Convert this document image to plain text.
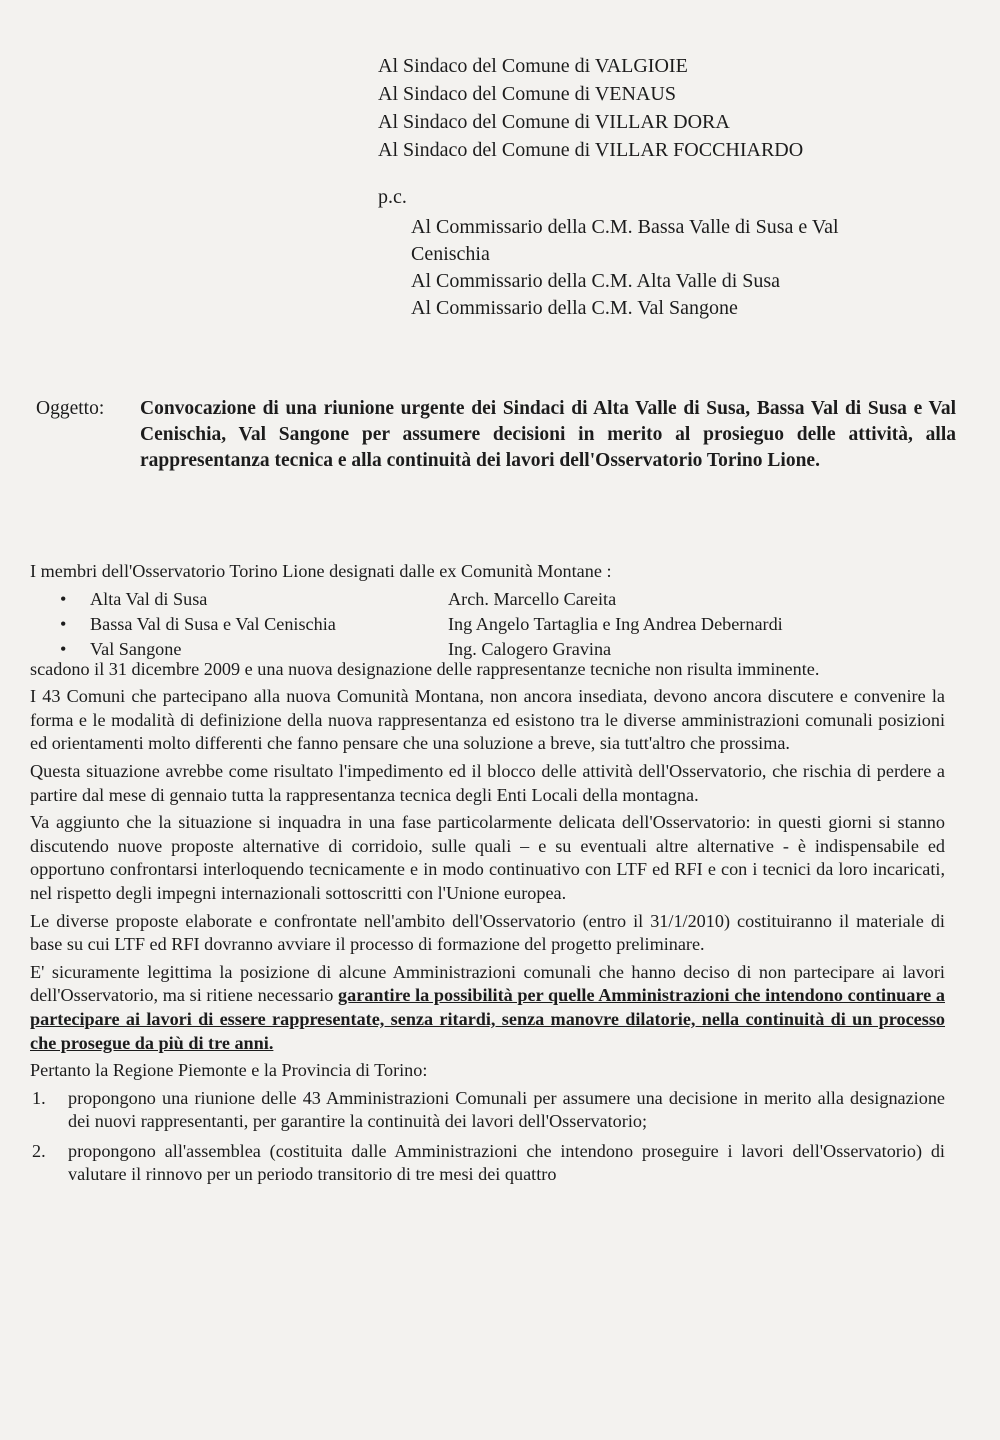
Al Sindaco del Comune di VALGIOIE
Al Sindaco del Comune di VENAUS
Al Sindaco del Comune di VILLAR DORA
Al Sindaco del Comune di VILLAR FOCCHIARDO
p.c.
Al Commissario della C.M. Bassa Valle di Susa e Val Cenischia
Al Commissario della C.M. Alta Valle di Susa
Al Commissario della C.M. Val Sangone
Oggetto: Convocazione di una riunione urgente dei Sindaci di Alta Valle di Susa, Bassa Val di Susa e Val Cenischia, Val Sangone per assumere decisioni in merito al prosieguo delle attività, alla rappresentanza tecnica e alla continuità dei lavori dell'Osservatorio Torino Lione.

I membri dell'Osservatorio Torino Lione designati dalle ex Comunità Montane :

• Alta Val di Susa	Arch. Marcello Careita
• Bassa Val di Susa e Val Cenischia	Ing Angelo Tartaglia e Ing Andrea Debernardi
• Val Sangone	Ing. Calogero Gravina

scadono il 31 dicembre 2009 e una nuova designazione delle rappresentanze tecniche non risulta imminente.

I 43 Comuni che partecipano alla nuova Comunità Montana, non ancora insediata, devono ancora discutere e convenire la forma e le modalità di definizione della nuova rappresentanza ed esistono tra le diverse amministrazioni comunali posizioni ed orientamenti molto differenti che fanno pensare che una soluzione a breve, sia tutt'altro che prossima.

Questa situazione avrebbe come risultato l'impedimento ed il blocco delle attività dell'Osservatorio, che rischia di perdere a partire dal mese di gennaio tutta la rappresentanza tecnica degli Enti Locali della montagna.

Va aggiunto che la situazione si inquadra in una fase particolarmente delicata dell'Osservatorio: in questi giorni si stanno discutendo nuove proposte alternative di corridoio, sulle quali – e su eventuali altre alternative - è indispensabile ed opportuno confrontarsi interloquendo tecnicamente e in modo continuativo con LTF ed RFI e con i tecnici da loro incaricati, nel rispetto degli impegni internazionali sottoscritti con l'Unione europea.

Le diverse proposte elaborate e confrontate nell'ambito dell'Osservatorio (entro il 31/1/2010) costituiranno il materiale di base su cui LTF ed RFI dovranno avviare il processo di formazione del progetto preliminare.

E' sicuramente legittima la posizione di alcune Amministrazioni comunali che hanno deciso di non partecipare ai lavori dell'Osservatorio, ma si ritiene necessario garantire la possibilità per quelle Amministrazioni che intendono continuare a partecipare ai lavori di essere rappresentate, senza ritardi, senza manovre dilatorie, nella continuità di un processo che prosegue da più di tre anni.

Pertanto la Regione Piemonte e la Provincia di Torino:

1. propongono una riunione delle 43 Amministrazioni Comunali per assumere una decisione in merito alla designazione dei nuovi rappresentanti, per garantire la continuità dei lavori dell'Osservatorio;
2. propongono all'assemblea (costituita dalle Amministrazioni che intendono proseguire i lavori dell'Osservatorio) di valutare il rinnovo per un periodo transitorio di tre mesi dei quattro
